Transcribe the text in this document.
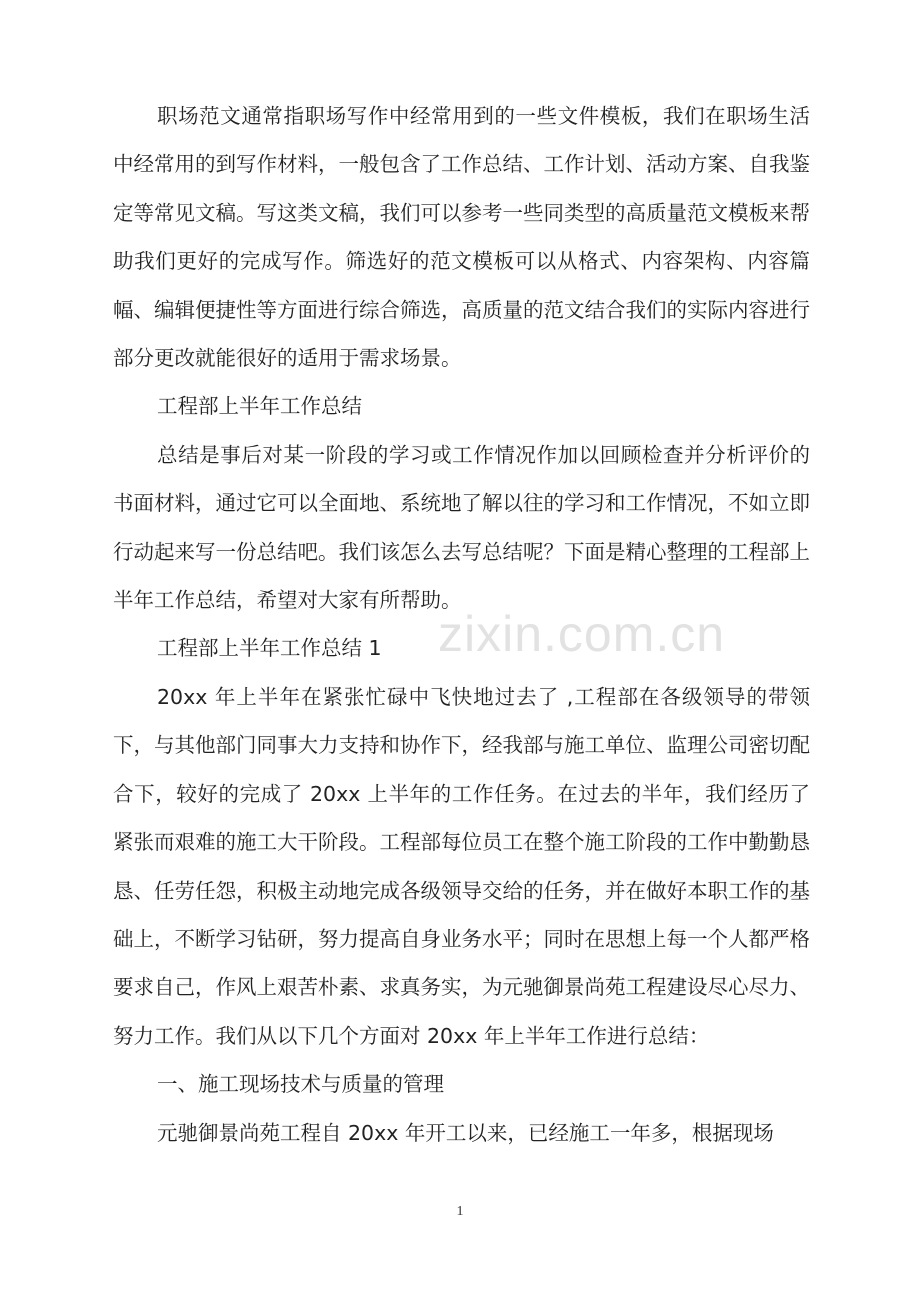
职场范文通常指职场写作中经常用到的一些文件模板，我们在职场生活中经常用的到写作材料，一般包含了工作总结、工作计划、活动方案、自我鉴定等常见文稿。写这类文稿，我们可以参考一些同类型的高质量范文模板来帮助我们更好的完成写作。筛选好的范文模板可以从格式、内容架构、内容篇幅、编辑便捷性等方面进行综合筛选，高质量的范文结合我们的实际内容进行部分更改就能很好的适用于需求场景。

工程部上半年工作总结

总结是事后对某一阶段的学习或工作情况作加以回顾检查并分析评价的书面材料，通过它可以全面地、系统地了解以往的学习和工作情况，不如立即行动起来写一份总结吧。我们该怎么去写总结呢？下面是精心整理的工程部上半年工作总结，希望对大家有所帮助。

工程部上半年工作总结 1

20xx 年上半年在紧张忙碌中飞快地过去了 ,工程部在各级领导的带领下，与其他部门同事大力支持和协作下，经我部与施工单位、监理公司密切配合下，较好的完成了 20xx 上半年的工作任务。在过去的半年，我们经历了紧张而艰难的施工大干阶段。工程部每位员工在整个施工阶段的工作中勤勤恳恳、任劳任怨，积极主动地完成各级领导交给的任务，并在做好本职工作的基础上，不断学习钻研，努力提高自身业务水平；同时在思想上每一个人都严格要求自己，作风上艰苦朴素、求真务实，为元驰御景尚苑工程建设尽心尽力、努力工作。我们从以下几个方面对 20xx 年上半年工作进行总结：

一、施工现场技术与质量的管理

元驰御景尚苑工程自 20xx 年开工以来，已经施工一年多，根据现场

zixin.com.cn
1
